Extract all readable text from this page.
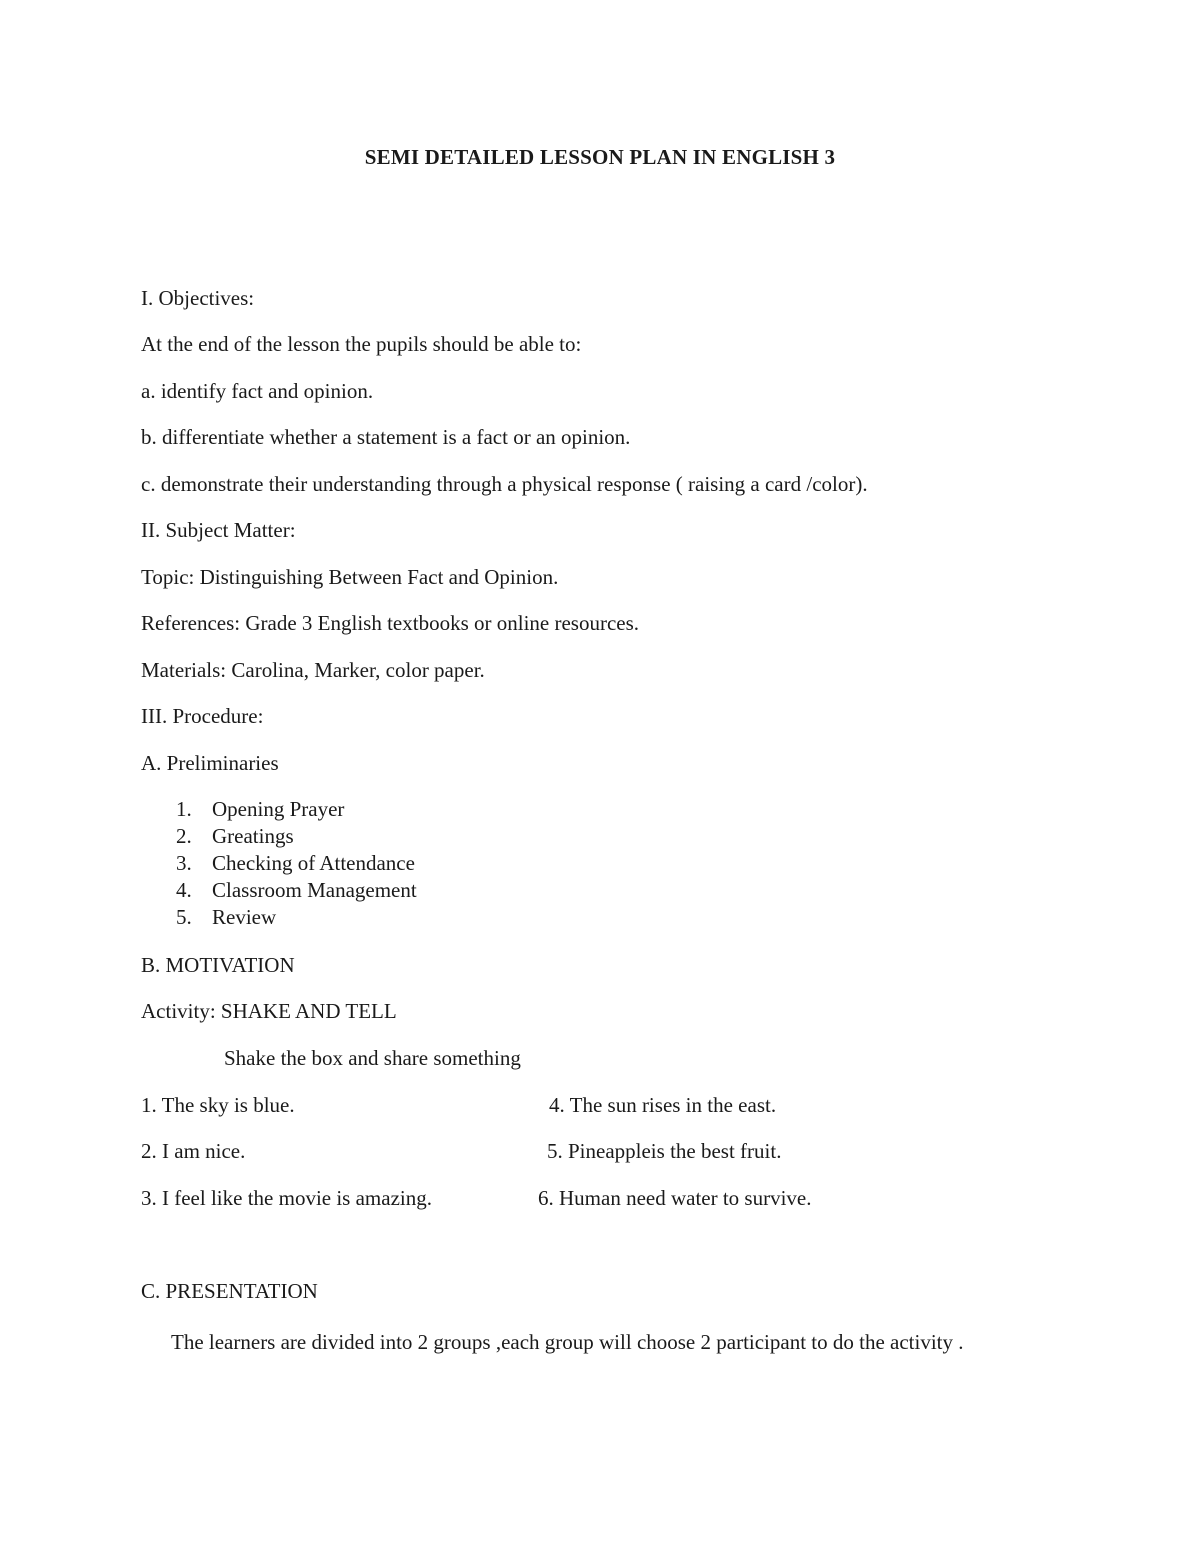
SEMI DETAILED LESSON PLAN IN ENGLISH 3
I. Objectives:
At the end of the lesson the pupils should be able to:
a. identify fact and opinion.
b. differentiate whether a statement is a fact or an opinion.
c. demonstrate their understanding through a physical response ( raising a card /color).
II. Subject Matter:
Topic: Distinguishing Between Fact and Opinion.
References: Grade 3 English textbooks or online resources.
Materials: Carolina, Marker, color paper.
III. Procedure:
A. Preliminaries
1. Opening Prayer
2. Greatings
3. Checking of Attendance
4. Classroom Management
5. Review
B. MOTIVATION
Activity: SHAKE AND TELL
Shake the box and share something
1. The sky is blue.
2. I am nice.
3. I feel like the movie is amazing.
4. The sun rises in the east.
5. Pineappleis the best fruit.
6. Human need water to survive.
C. PRESENTATION
The learners are divided into 2 groups ,each group will choose 2 participant to do the activity .
